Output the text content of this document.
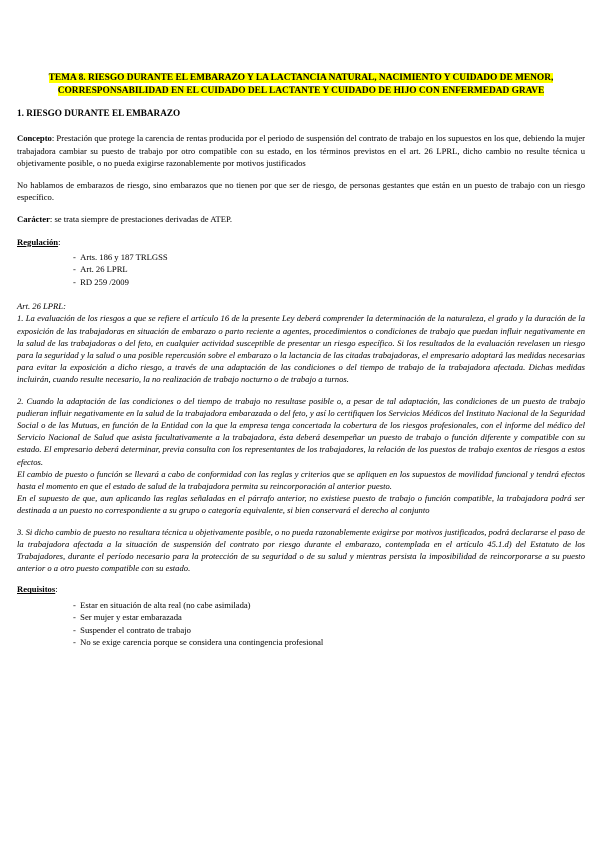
TEMA 8. RIESGO DURANTE EL EMBARAZO Y LA LACTANCIA NATURAL, NACIMIENTO Y CUIDADO DE MENOR, CORRESPONSABILIDAD EN EL CUIDADO DEL LACTANTE Y CUIDADO DE HIJO CON ENFERMEDAD GRAVE
1. RIESGO DURANTE EL EMBARAZO

Concepto: Prestación que protege la carencia de rentas producida por el periodo de suspensión del contrato de trabajo en los supuestos en los que, debiendo la mujer trabajadora cambiar su puesto de trabajo por otro compatible con su estado, en los términos previstos en el art. 26 LPRL, dicho cambio no resulte técnica u objetivamente posible, o no pueda exigirse razonablemente por motivos justificados

No hablamos de embarazos de riesgo, sino embarazos que no tienen por que ser de riesgo, de personas gestantes que están en un puesto de trabajo con un riesgo específico.

Carácter: se trata siempre de prestaciones derivadas de ATEP.

Regulación:
-  Arts. 186 y 187 TRLGSS
-  Art. 26 LPRL
-  RD 259 /2009
Art. 26 LPRL:

1. La evaluación de los riesgos a que se refiere el artículo 16 de la presente Ley deberá comprender la determinación de la naturaleza, el grado y la duración de la exposición de las trabajadoras en situación de embarazo o parto reciente a agentes, procedimientos o condiciones de trabajo que puedan influir negativamente en la salud de las trabajadoras o del feto, en cualquier actividad susceptible de presentar un riesgo específico. Si los resultados de la evaluación revelasen un riesgo para la seguridad y la salud o una posible repercusión sobre el embarazo o la lactancia de las citadas trabajadoras, el empresario adoptará las medidas necesarias para evitar la exposición a dicho riesgo, a través de una adaptación de las condiciones o del tiempo de trabajo de la trabajadora afectada. Dichas medidas incluirán, cuando resulte necesario, la no realización de trabajo nocturno o de trabajo a turnos.

2. Cuando la adaptación de las condiciones o del tiempo de trabajo no resultase posible o, a pesar de tal adaptación, las condiciones de un puesto de trabajo pudieran influir negativamente en la salud de la trabajadora embarazada o del feto, y así lo certifiquen los Servicios Médicos del Instituto Nacional de la Seguridad Social o de las Mutuas, en función de la Entidad con la que la empresa tenga concertada la cobertura de los riesgos profesionales, con el informe del médico del Servicio Nacional de Salud que asista facultativamente a la trabajadora, ésta deberá desempeñar un puesto de trabajo o función diferente y compatible con su estado. El empresario deberá determinar, previa consulta con los representantes de los trabajadores, la relación de los puestos de trabajo exentos de riesgos a estos efectos.

El cambio de puesto o función se llevará a cabo de conformidad con las reglas y criterios que se apliquen en los supuestos de movilidad funcional y tendrá efectos hasta el momento en que el estado de salud de la trabajadora permita su reincorporación al anterior puesto.

En el supuesto de que, aun aplicando las reglas señaladas en el párrafo anterior, no existiese puesto de trabajo o función compatible, la trabajadora podrá ser destinada a un puesto no correspondiente a su grupo o categoría equivalente, si bien conservará el derecho al conjunto

3. Si dicho cambio de puesto no resultara técnica u objetivamente posible, o no pueda razonablemente exigirse por motivos justificados, podrá declararse el paso de la trabajadora afectada a la situación de suspensión del contrato por riesgo durante el embarazo, contemplada en el artículo 45.1.d) del Estatuto de los Trabajadores, durante el período necesario para la protección de su seguridad o de su salud y mientras persista la imposibilidad de reincorporarse a su puesto anterior o a otro puesto compatible con su estado.

Requisitos:
-  Estar en situación de alta real (no cabe asimilada)
-  Ser mujer y estar embarazada
-  Suspender el contrato de trabajo
-  No se exige carencia porque se considera una contingencia profesional
